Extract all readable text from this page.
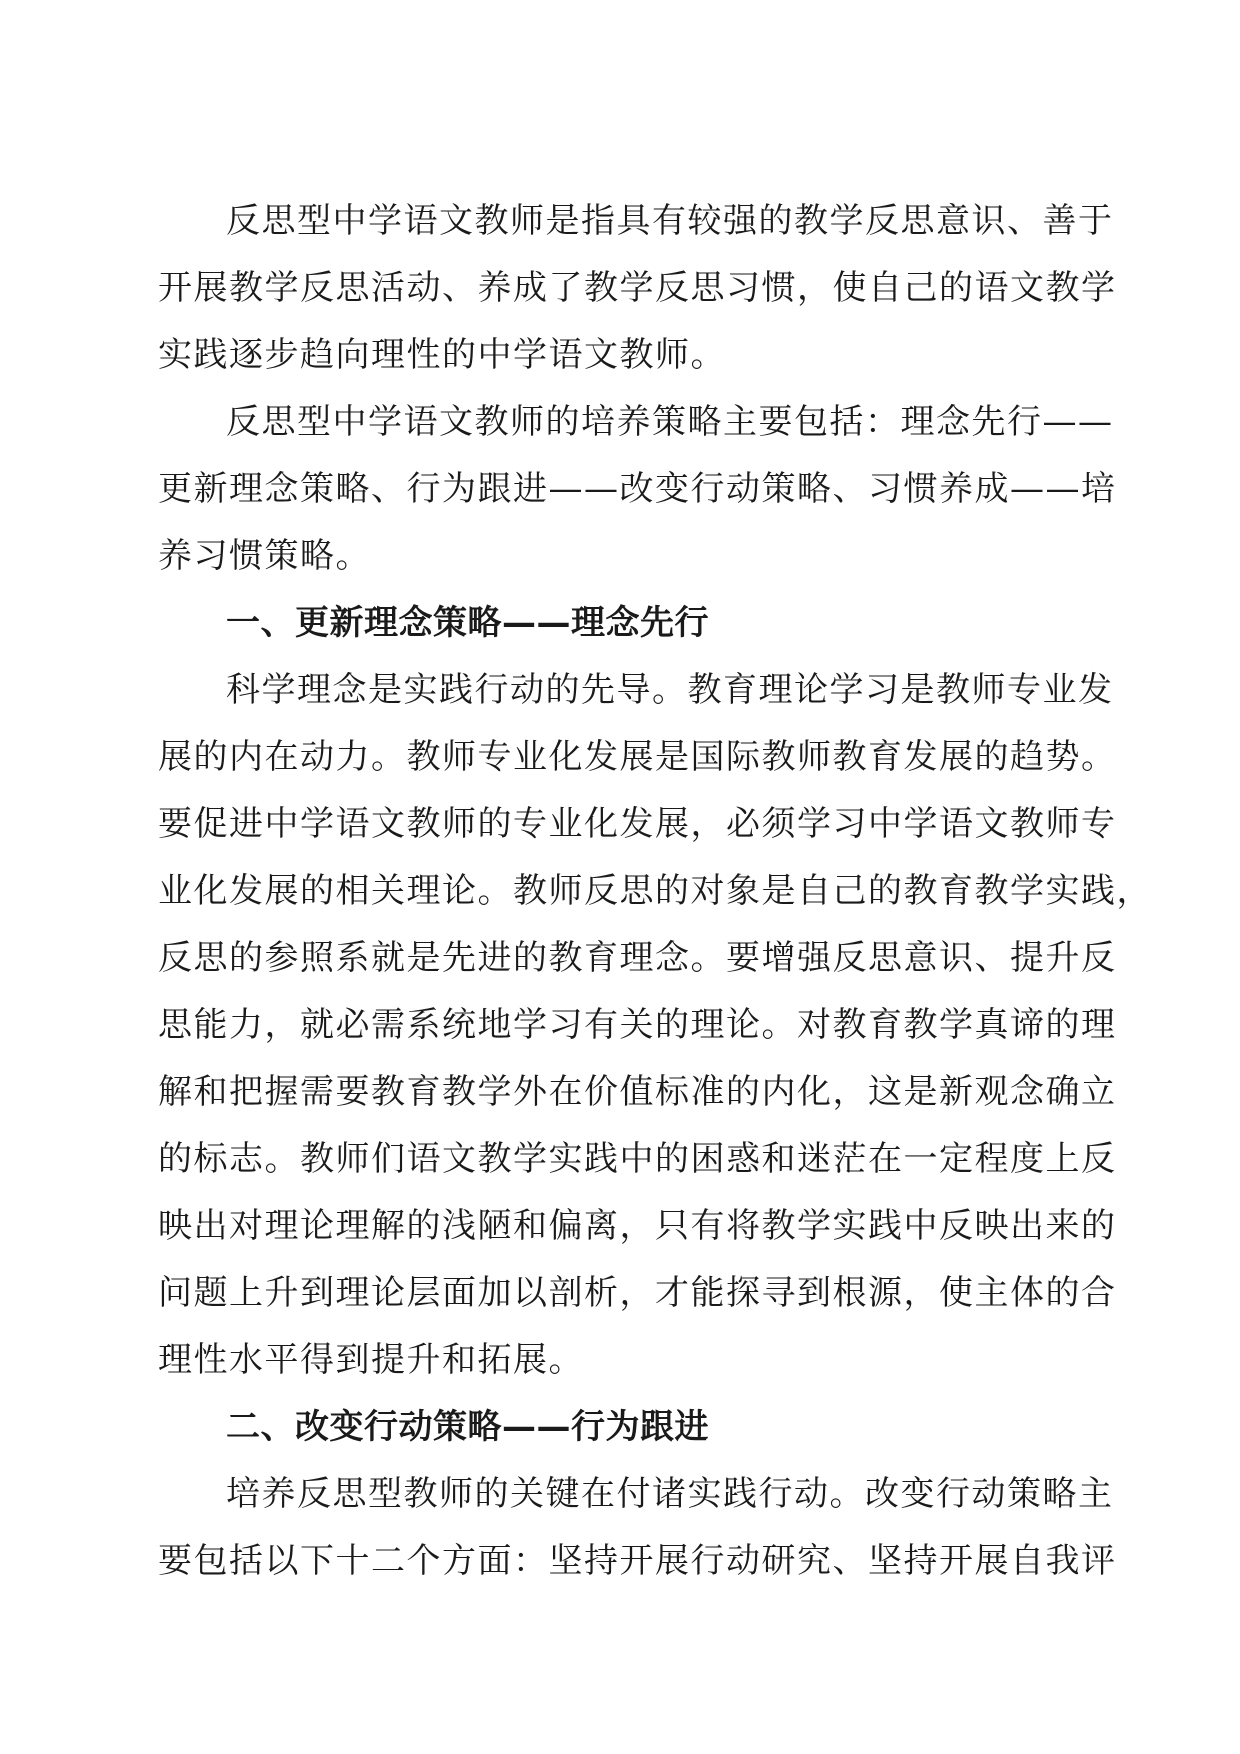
反思型中学语文教师是指具有较强的教学反思意识、善于
开展教学反思活动、养成了教学反思习惯，使自己的语文教学
实践逐步趋向理性的中学语文教师。
反思型中学语文教师的培养策略主要包括：理念先行——
更新理念策略、行为跟进——改变行动策略、习惯养成——培
养习惯策略。
一、更新理念策略——理念先行
科学理念是实践行动的先导。教育理论学习是教师专业发
展的内在动力。教师专业化发展是国际教师教育发展的趋势。
要促进中学语文教师的专业化发展，必须学习中学语文教师专
业化发展的相关理论。教师反思的对象是自己的教育教学实践，
反思的参照系就是先进的教育理念。要增强反思意识、提升反
思能力，就必需系统地学习有关的理论。对教育教学真谛的理
解和把握需要教育教学外在价值标准的内化，这是新观念确立
的标志。教师们语文教学实践中的困惑和迷茫在一定程度上反
映出对理论理解的浅陋和偏离，只有将教学实践中反映出来的
问题上升到理论层面加以剖析，才能探寻到根源，使主体的合
理性水平得到提升和拓展。
二、改变行动策略——行为跟进
培养反思型教师的关键在付诸实践行动。改变行动策略主
要包括以下十二个方面：坚持开展行动研究、坚持开展自我评
